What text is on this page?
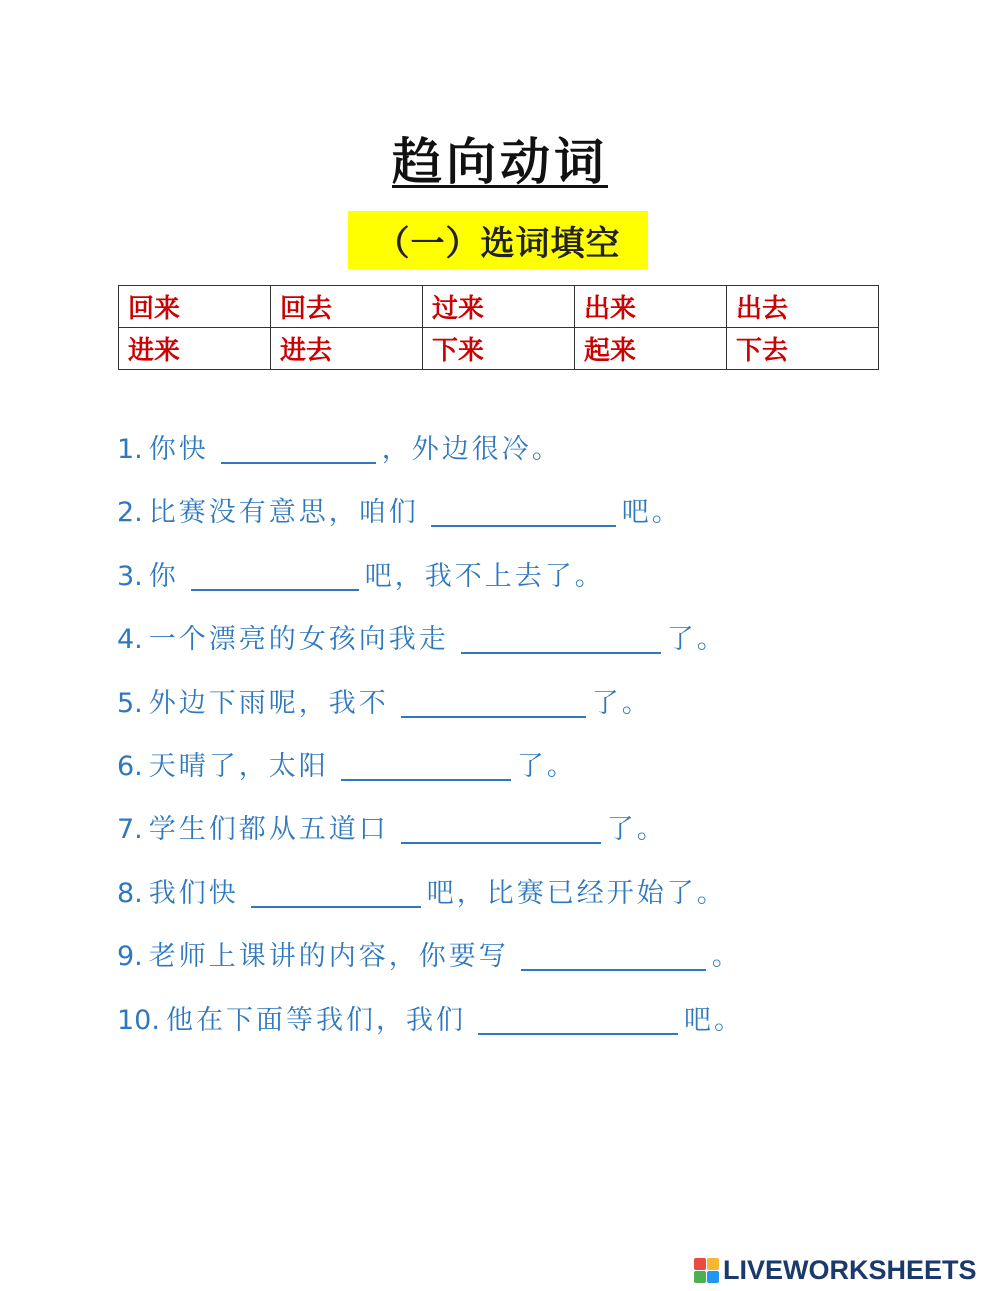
趋向动词
（一）选词填空
回来	回去	过来	出来	出去
进来	进去	下来	起来	下去
1. 你快	，外边很冷。
2. 比赛没有意思，咱们	吧。
3. 你	吧，我不上去了。
4. 一个漂亮的女孩向我走	了。
5. 外边下雨呢，我不	了。
6. 天晴了，太阳	了。
7. 学生们都从五道口	了。
8. 我们快	吧，比赛已经开始了。
9. 老师上课讲的内容，你要写	。
10. 他在下面等我们，我们	吧。
LIVEWORKSHEETS
